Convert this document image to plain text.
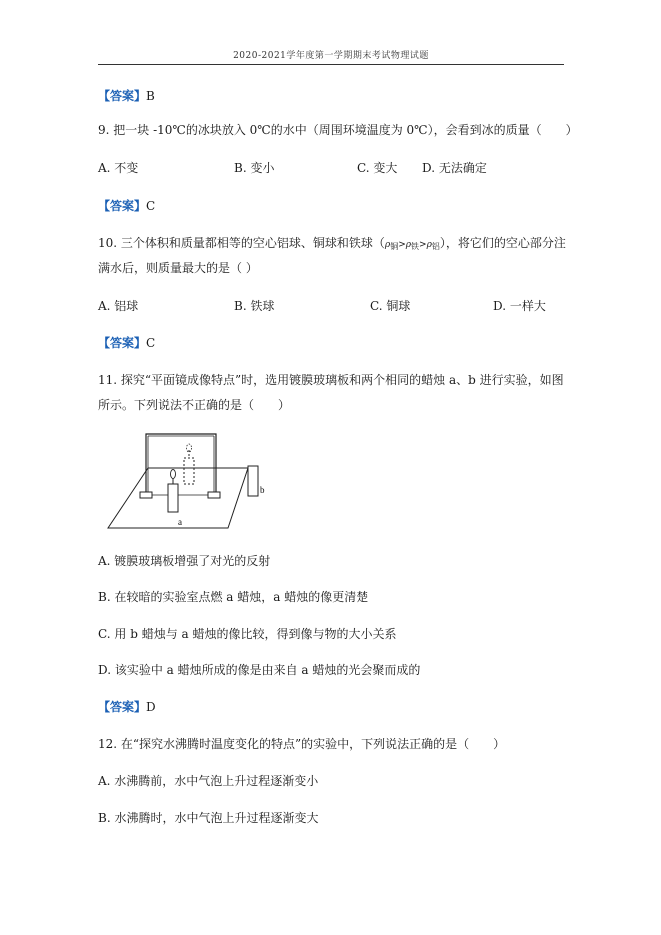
2020-2021学年度第一学期期末考试物理试题
【答案】B
9. 把一块 -10℃的冰块放入 0℃的水中（周围环境温度为 0℃），会看到冰的质量（　　）
A. 不变	B. 变小	C. 变大 D. 无法确定
【答案】C
10. 三个体积和质量都相等的空心铝球、铜球和铁球（ρ铜>ρ铁>ρ铝），将它们的空心部分注
满水后，则质量最大的是（ ）
A. 铝球	B. 铁球	C. 铜球	D. 一样大
【答案】C
11. 探究“平面镜成像特点”时，选用镀膜玻璃板和两个相同的蜡烛 a、b 进行实验，如图
所示。下列说法不正确的是（　　）
a
b
A. 镀膜玻璃板增强了对光的反射
B. 在较暗的实验室点燃 a 蜡烛，a 蜡烛的像更清楚
C. 用 b 蜡烛与 a 蜡烛的像比较，得到像与物的大小关系
D. 该实验中 a 蜡烛所成的像是由来自 a 蜡烛的光会聚而成的
【答案】D
12. 在“探究水沸腾时温度变化的特点”的实验中，下列说法正确的是（　　）
A. 水沸腾前，水中气泡上升过程逐渐变小
B. 水沸腾时，水中气泡上升过程逐渐变大
